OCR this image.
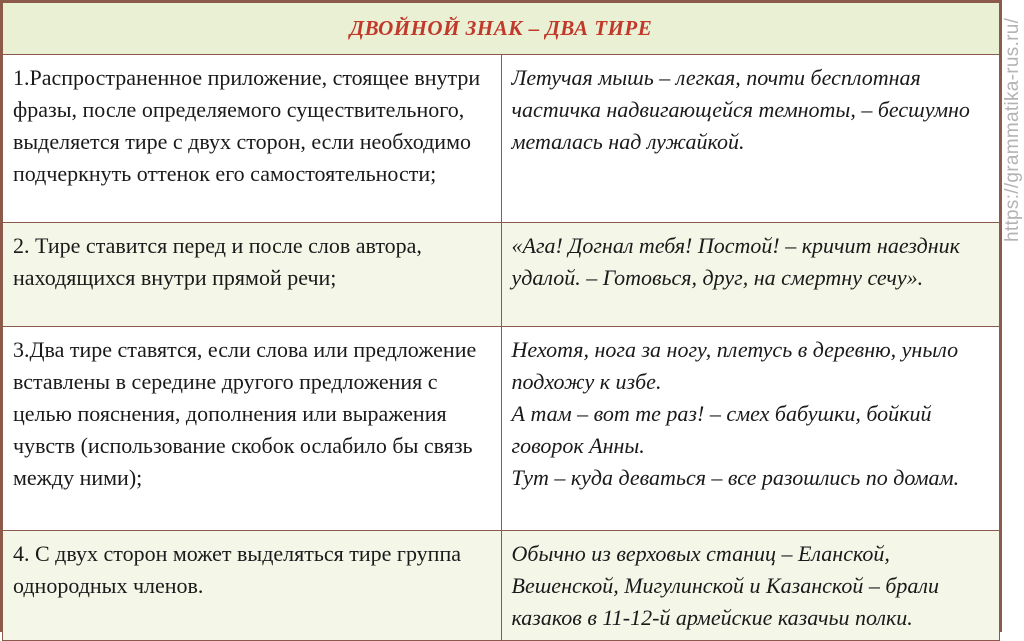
ДВОЙНОЙ ЗНАК – ДВА ТИРЕ	
1.Распространенное приложение, стоящее внутри фразы, после определяемого существительного, выделяется тире с двух сторон, если необходимо подчеркнуть оттенок его самостоятельности;	Летучая мышь – легкая, почти бесплотная частичка надвигающейся темноты, – бесшумно металась над лужайкой.

2. Тире ставится перед и после слов автора, находящихся внутри прямой речи;	«Ага! Догнал тебя! Постой! – кричит наездник удалой. – Готовься, друг, на смертну сечу».

3.Два тире ставятся, если слова или предложение вставлены в середине другого предложения с целью пояснения, дополнения или выражения чувств (использование скобок ослабило бы связь между ними);	Нехотя, нога за ногу, плетусь в деревню, уныло подхожу к избе.
А там – вот те раз! – смех бабушки, бойкий говорок Анны.
Тут – куда деваться – все разошлись по домам.

4. С двух сторон может выделяться тире группа однородных членов.	Обычно из верховых станиц – Еланской, Вешенской, Мигулинской и Казанской – брали казаков в 11-12-й армейские казачьи полки.
https://grammatika-rus.ru/
